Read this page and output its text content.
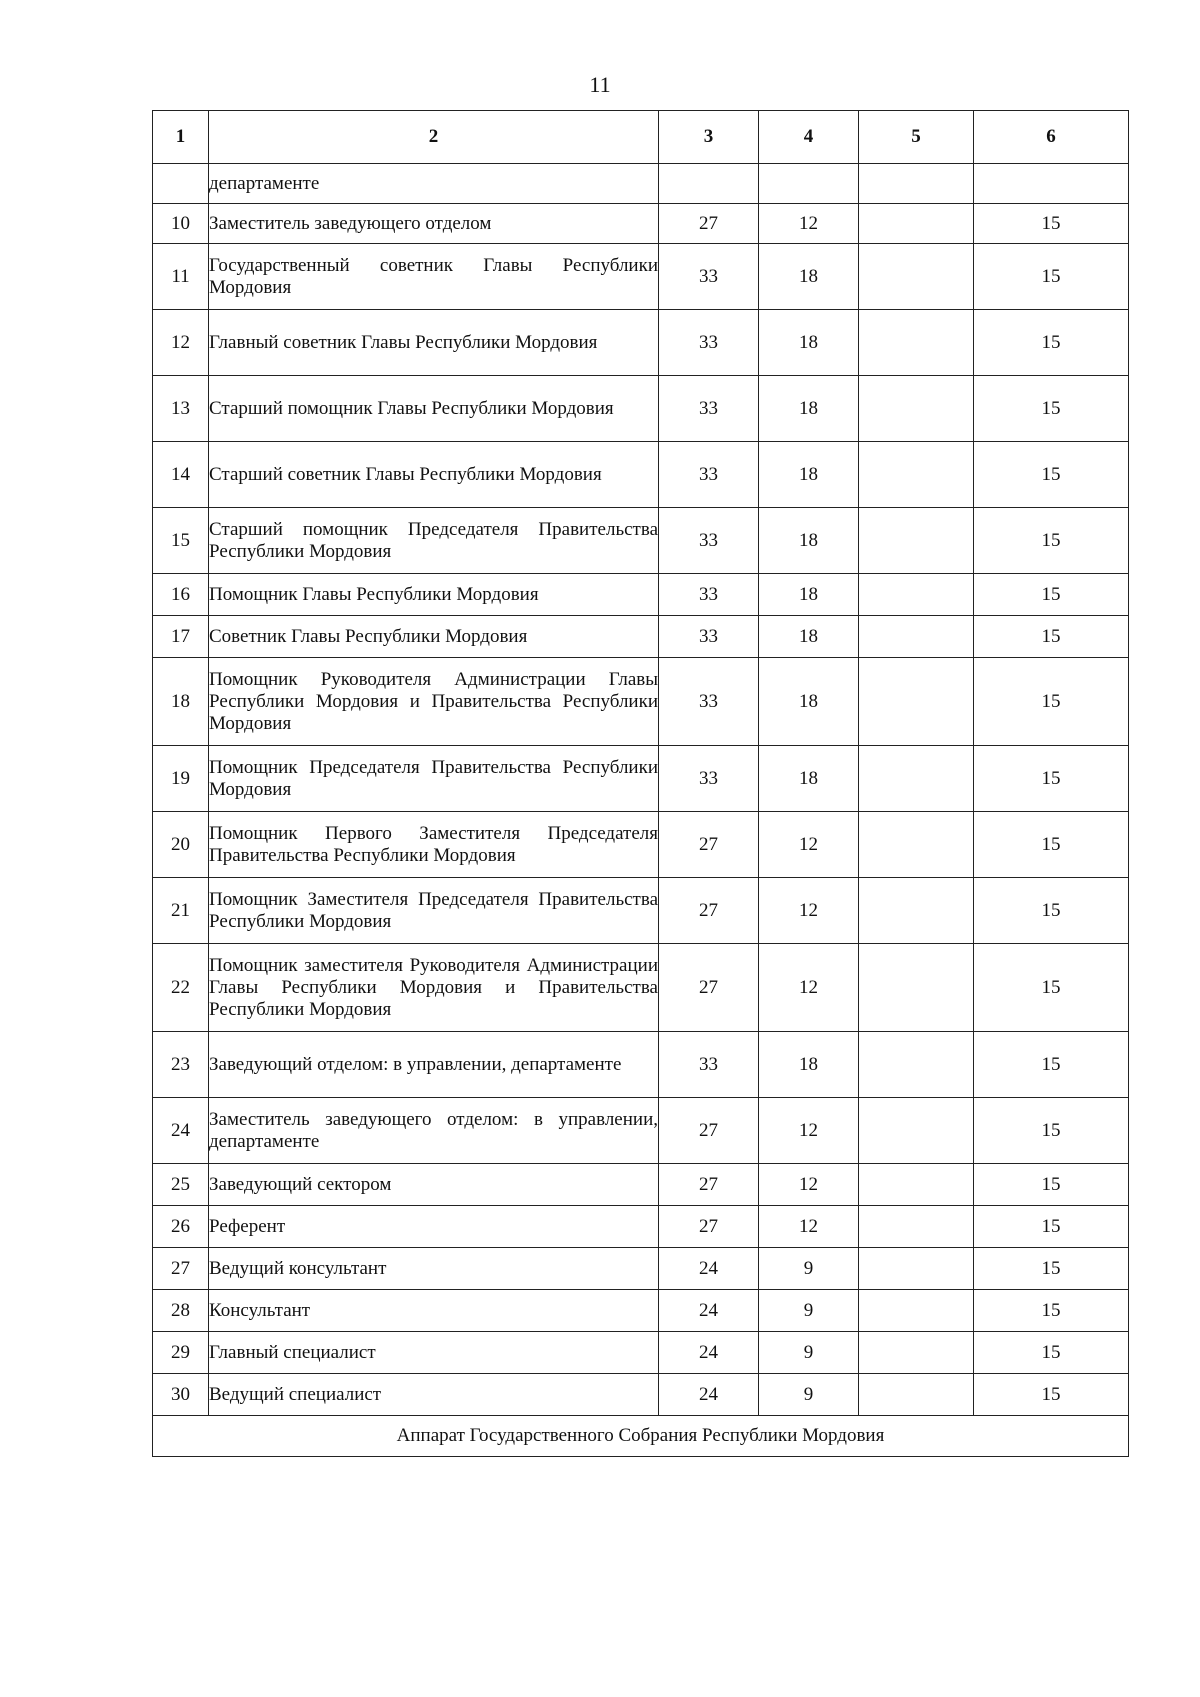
11
1	2	3	4	5	6
	департаменте				
10	Заместитель заведующего отделом	27	12		15
11	Государственный советник Главы Республики Мордовия	33	18		15
12	Главный советник Главы Республики Мордовия	33	18		15
13	Старший помощник Главы Республики Мордовия	33	18		15
14	Старший советник Главы Республики Мордовия	33	18		15
15	Старший помощник Председателя Правительства Республики Мордовия	33	18		15
16	Помощник Главы Республики Мордовия	33	18		15
17	Советник Главы Республики Мордовия	33	18		15
18	Помощник Руководителя Администрации Главы Республики Мордовия и Правительства Республики Мордовия	33	18		15
19	Помощник Председателя Правительства Республики Мордовия	33	18		15
20	Помощник Первого Заместителя Председателя Правительства Республики Мордовия	27	12		15
21	Помощник Заместителя Председателя Правительства Республики Мордовия	27	12		15
22	Помощник заместителя Руководителя Администрации Главы Республики Мордовия и Правительства Республики Мордовия	27	12		15
23	Заведующий отделом: в управлении, департаменте	33	18		15
24	Заместитель заведующего отделом: в управлении, департаменте	27	12		15
25	Заведующий сектором	27	12		15
26	Референт	27	12		15
27	Ведущий консультант	24	9		15
28	Консультант	24	9		15
29	Главный специалист	24	9		15
30	Ведущий специалист	24	9		15
Аппарат Государственного Собрания Республики Мордовия					
